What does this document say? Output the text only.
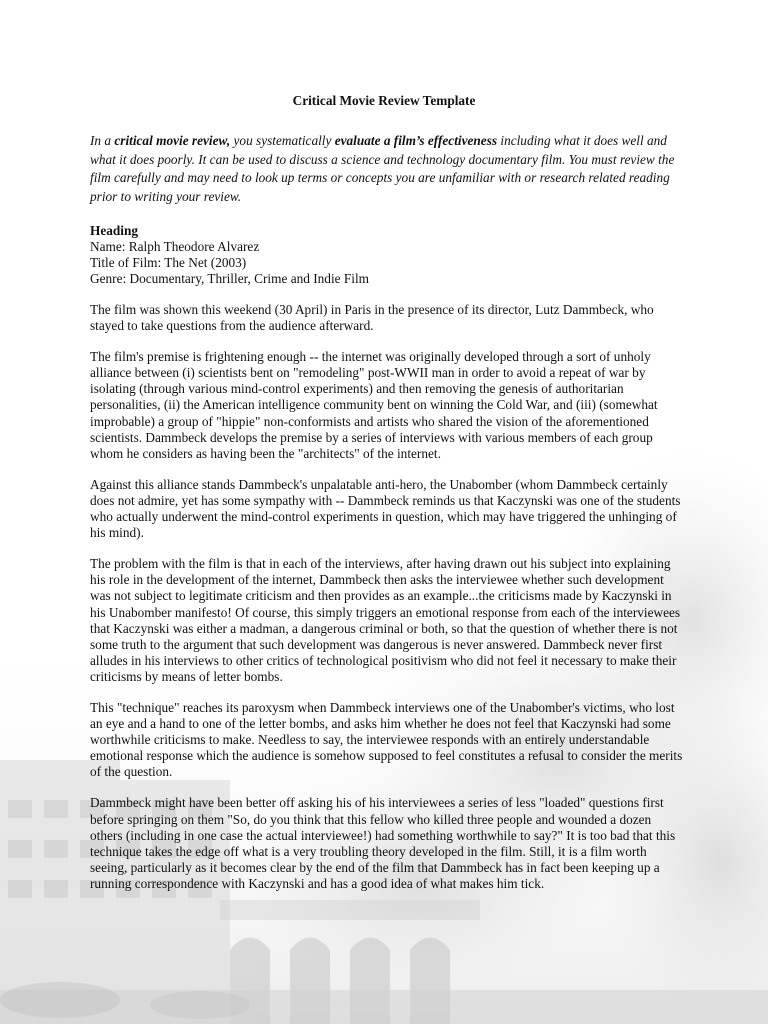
Critical Movie Review Template

In a critical movie review, you systematically evaluate a film’s effectiveness including what it does well and what it does poorly. It can be used to discuss a science and technology documentary film. You must review the film carefully and may need to look up terms or concepts you are unfamiliar with or research related reading prior to writing your review.

Heading
Name: Ralph Theodore Alvarez
Title of Film: The Net (2003)
Genre: Documentary, Thriller, Crime and Indie Film

The film was shown this weekend (30 April) in Paris in the presence of its director, Lutz Dammbeck, who stayed to take questions from the audience afterward.

The film's premise is frightening enough -- the internet was originally developed through a sort of unholy alliance between (i) scientists bent on "remodeling" post-WWII man in order to avoid a repeat of war by isolating (through various mind-control experiments) and then removing the genesis of authoritarian personalities, (ii) the American intelligence community bent on winning the Cold War, and (iii) (somewhat improbable) a group of "hippie" non-conformists and artists who shared the vision of the aforementioned scientists. Dammbeck develops the premise by a series of interviews with various members of each group whom he considers as having been the "architects" of the internet.

Against this alliance stands Dammbeck's unpalatable anti-hero, the Unabomber (whom Dammbeck certainly does not admire, yet has some sympathy with -- Dammbeck reminds us that Kaczynski was one of the students who actually underwent the mind-control experiments in question, which may have triggered the unhinging of his mind).

The problem with the film is that in each of the interviews, after having drawn out his subject into explaining his role in the development of the internet, Dammbeck then asks the interviewee whether such development was not subject to legitimate criticism and then provides as an example...the criticisms made by Kaczynski in his Unabomber manifesto! Of course, this simply triggers an emotional response from each of the interviewees that Kaczynski was either a madman, a dangerous criminal or both, so that the question of whether there is not some truth to the argument that such development was dangerous is never answered. Dammbeck never first alludes in his interviews to other critics of technological positivism who did not feel it necessary to make their criticisms by means of letter bombs.

This "technique" reaches its paroxysm when Dammbeck interviews one of the Unabomber's victims, who lost an eye and a hand to one of the letter bombs, and asks him whether he does not feel that Kaczynski had some worthwhile criticisms to make. Needless to say, the interviewee responds with an entirely understandable emotional response which the audience is somehow supposed to feel constitutes a refusal to consider the merits of the question.

Dammbeck might have been better off asking his of his interviewees a series of less "loaded" questions first before springing on them "So, do you think that this fellow who killed three people and wounded a dozen others (including in one case the actual interviewee!) had something worthwhile to say?" It is too bad that this technique takes the edge off what is a very troubling theory developed in the film. Still, it is a film worth seeing, particularly as it becomes clear by the end of the film that Dammbeck has in fact been keeping up a running correspondence with Kaczynski and has a good idea of what makes him tick.
